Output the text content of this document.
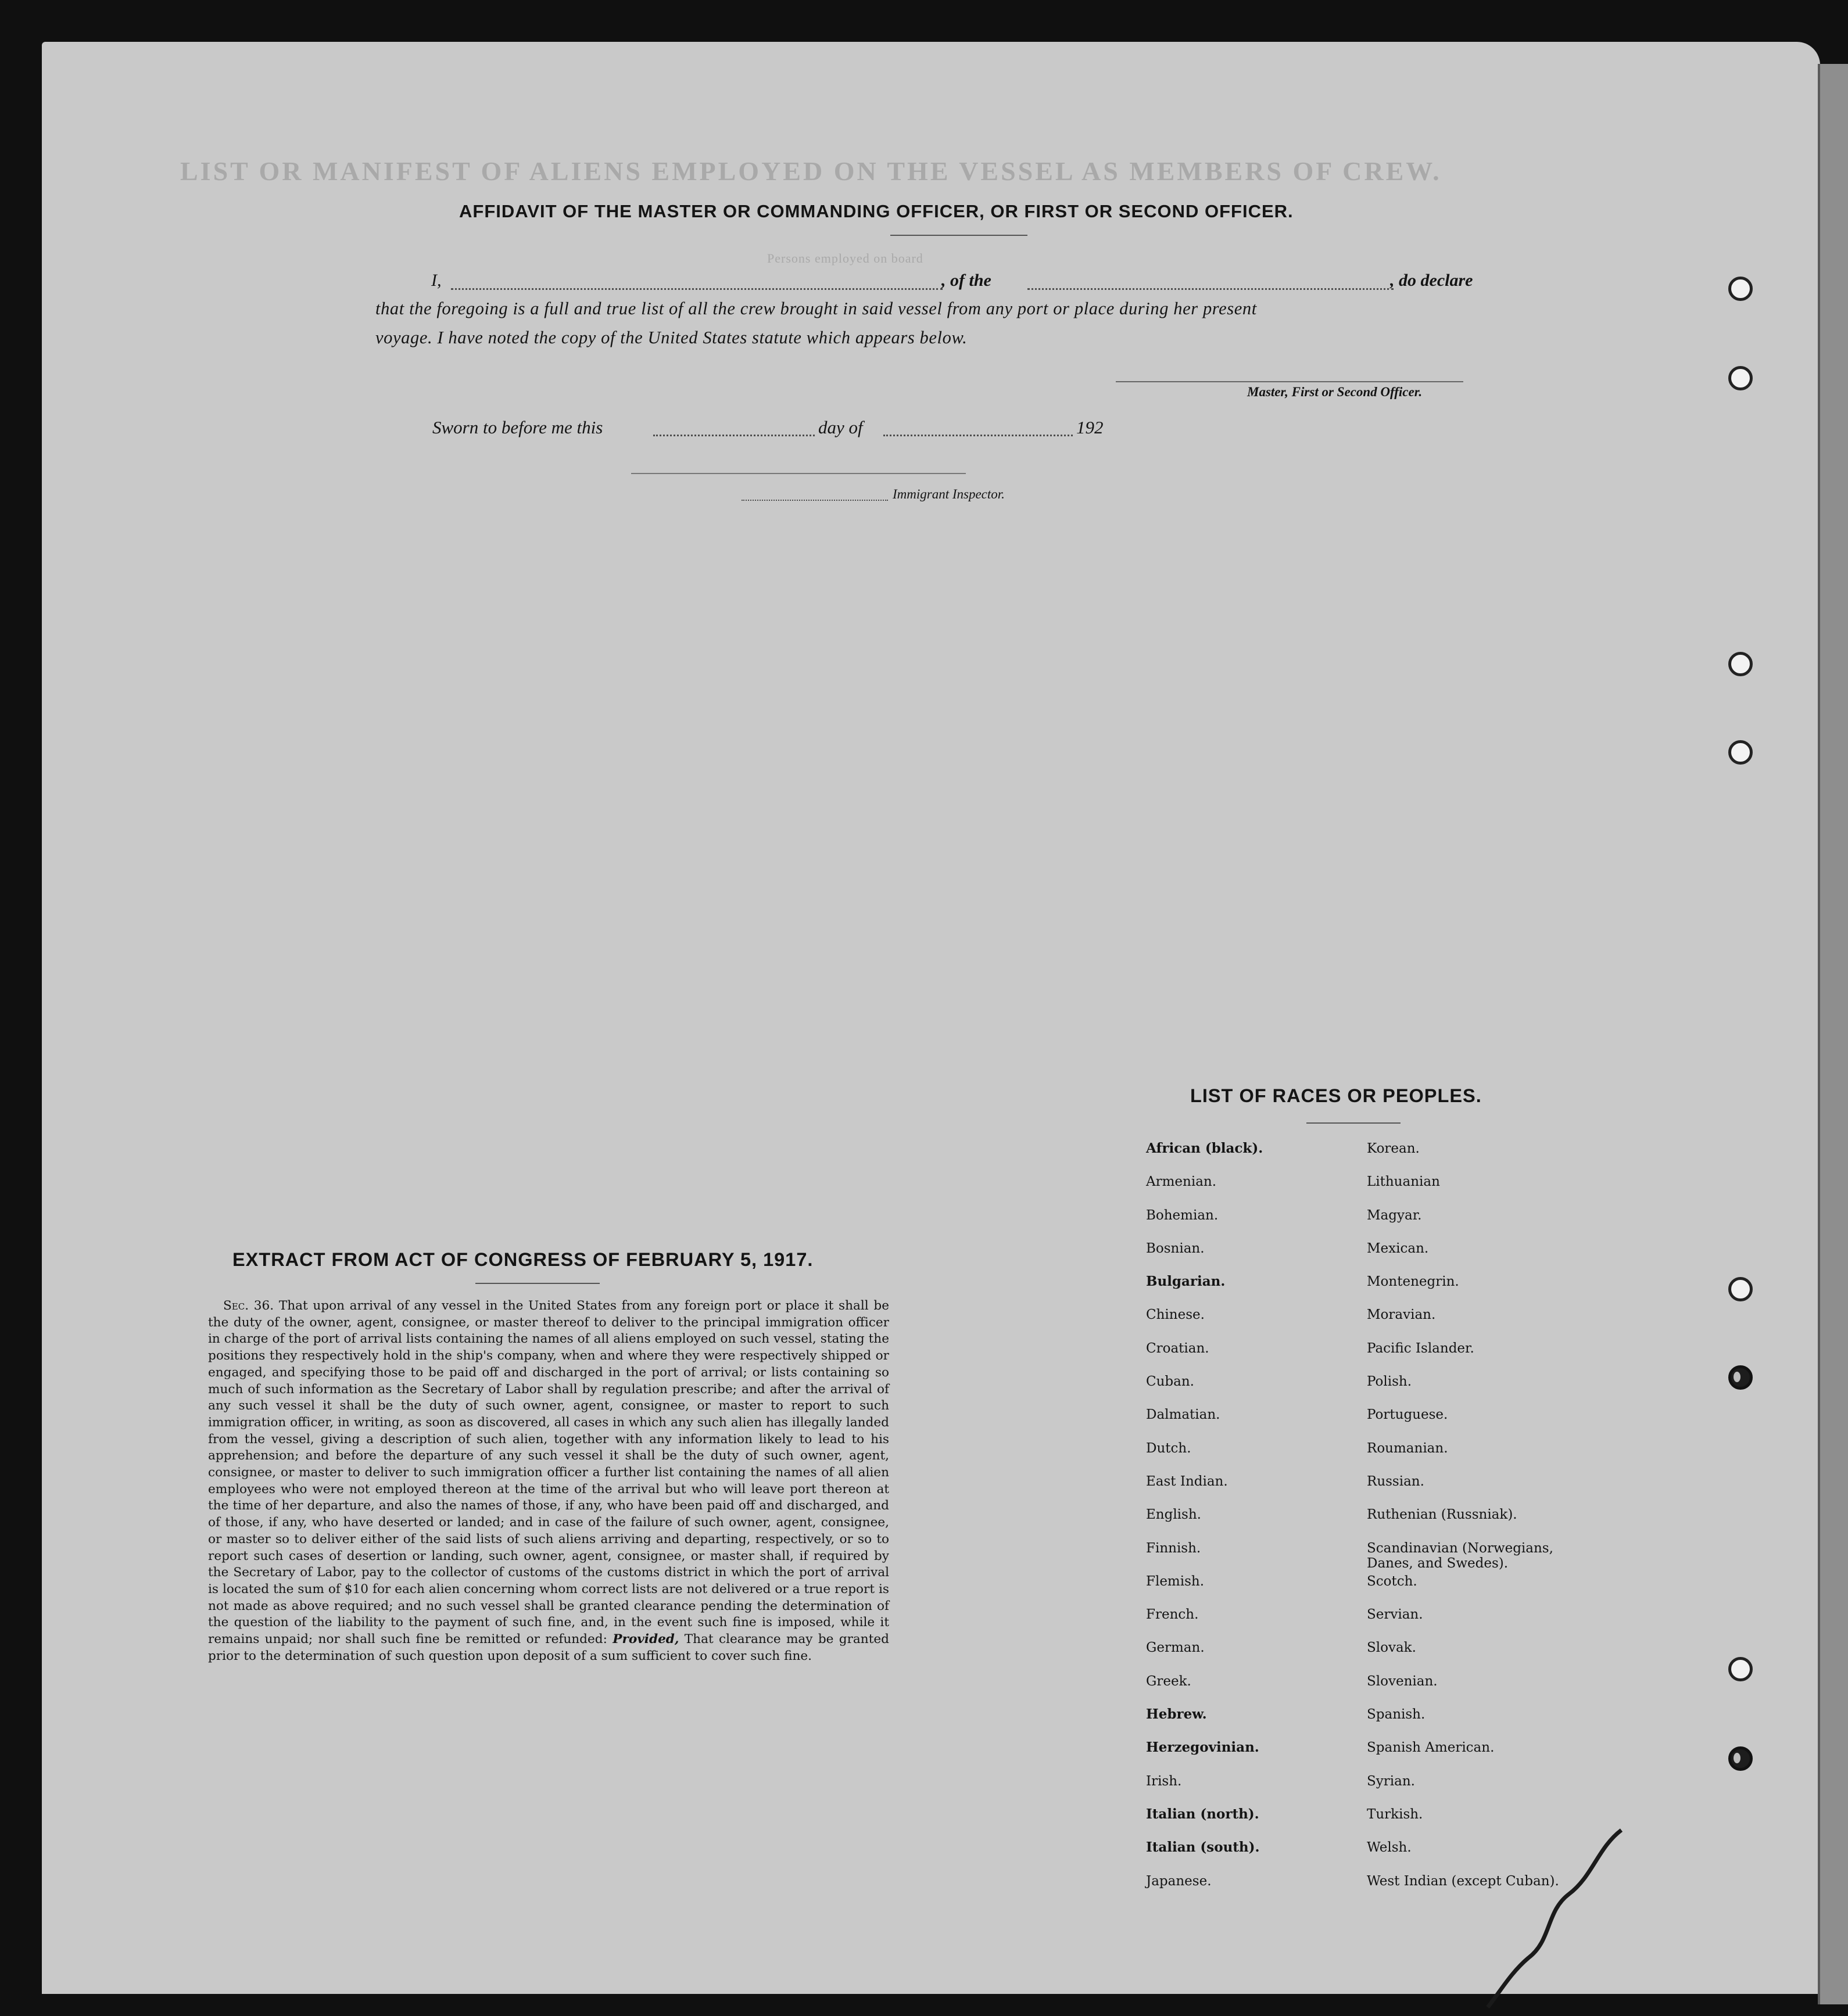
LIST OR MANIFEST OF ALIENS EMPLOYED ON THE VESSEL AS MEMBERS OF CREW.
Persons employed on board
AFFIDAVIT OF THE MASTER OR COMMANDING OFFICER, OR FIRST OR SECOND OFFICER.
I,	, of the	, do declare
that the foregoing is a full and true list of all the crew brought in said vessel from any port or place during her present
voyage. I have noted the copy of the United States statute which appears below.
Master, First or Second Officer.
Sworn to before me this	day of	192
Immigrant Inspector.
EXTRACT FROM ACT OF CONGRESS OF FEBRUARY 5, 1917.
Sec. 36. That upon arrival of any vessel in the United States from any foreign port or place it shall be the duty of the owner, agent, consignee, or master thereof to deliver to the principal immigration officer in charge of the port of arrival lists containing the names of all aliens employed on such vessel, stating the positions they respectively hold in the ship's company, when and where they were respectively shipped or engaged, and specifying those to be paid off and discharged in the port of arrival; or lists containing so much of such information as the Secretary of Labor shall by regulation prescribe; and after the arrival of any such vessel it shall be the duty of such owner, agent, consignee, or master to report to such immigration officer, in writing, as soon as discovered, all cases in which any such alien has illegally landed from the vessel, giving a description of such alien, together with any information likely to lead to his apprehension; and before the departure of any such vessel it shall be the duty of such owner, agent, consignee, or master to deliver to such immigration officer a further list containing the names of all alien employees who were not employed thereon at the time of the arrival but who will leave port thereon at the time of her departure, and also the names of those, if any, who have been paid off and discharged, and of those, if any, who have deserted or landed; and in case of the failure of such owner, agent, consignee, or master so to deliver either of the said lists of such aliens arriving and departing, respectively, or so to report such cases of desertion or landing, such owner, agent, consignee, or master shall, if required by the Secretary of Labor, pay to the collector of customs of the customs district in which the port of arrival is located the sum of $10 for each alien concerning whom correct lists are not delivered or a true report is not made as above required; and no such vessel shall be granted clearance pending the determination of the question of the liability to the payment of such fine, and, in the event such fine is imposed, while it remains unpaid; nor shall such fine be remitted or refunded: Provided, That clearance may be granted prior to the determination of such question upon deposit of a sum sufficient to cover such fine.
LIST OF RACES OR PEOPLES.
African (black).	Korean.
Armenian.	Lithuanian
Bohemian.	Magyar.
Bosnian.	Mexican.
Bulgarian.	Montenegrin.
Chinese.	Moravian.
Croatian.	Pacific Islander.
Cuban.	Polish.
Dalmatian.	Portuguese.
Dutch.	Roumanian.
East Indian.	Russian.
English.	Ruthenian (Russniak).
Finnish.	Scandinavian (Norwegians,
Danes, and Swedes).
Flemish.	Scotch.
French.	Servian.
German.	Slovak.
Greek.	Slovenian.
Hebrew.	Spanish.
Herzegovinian.	Spanish American.
Irish.	Syrian.
Italian (north).	Turkish.
Italian (south).	Welsh.
Japanese.	West Indian (except Cuban).
